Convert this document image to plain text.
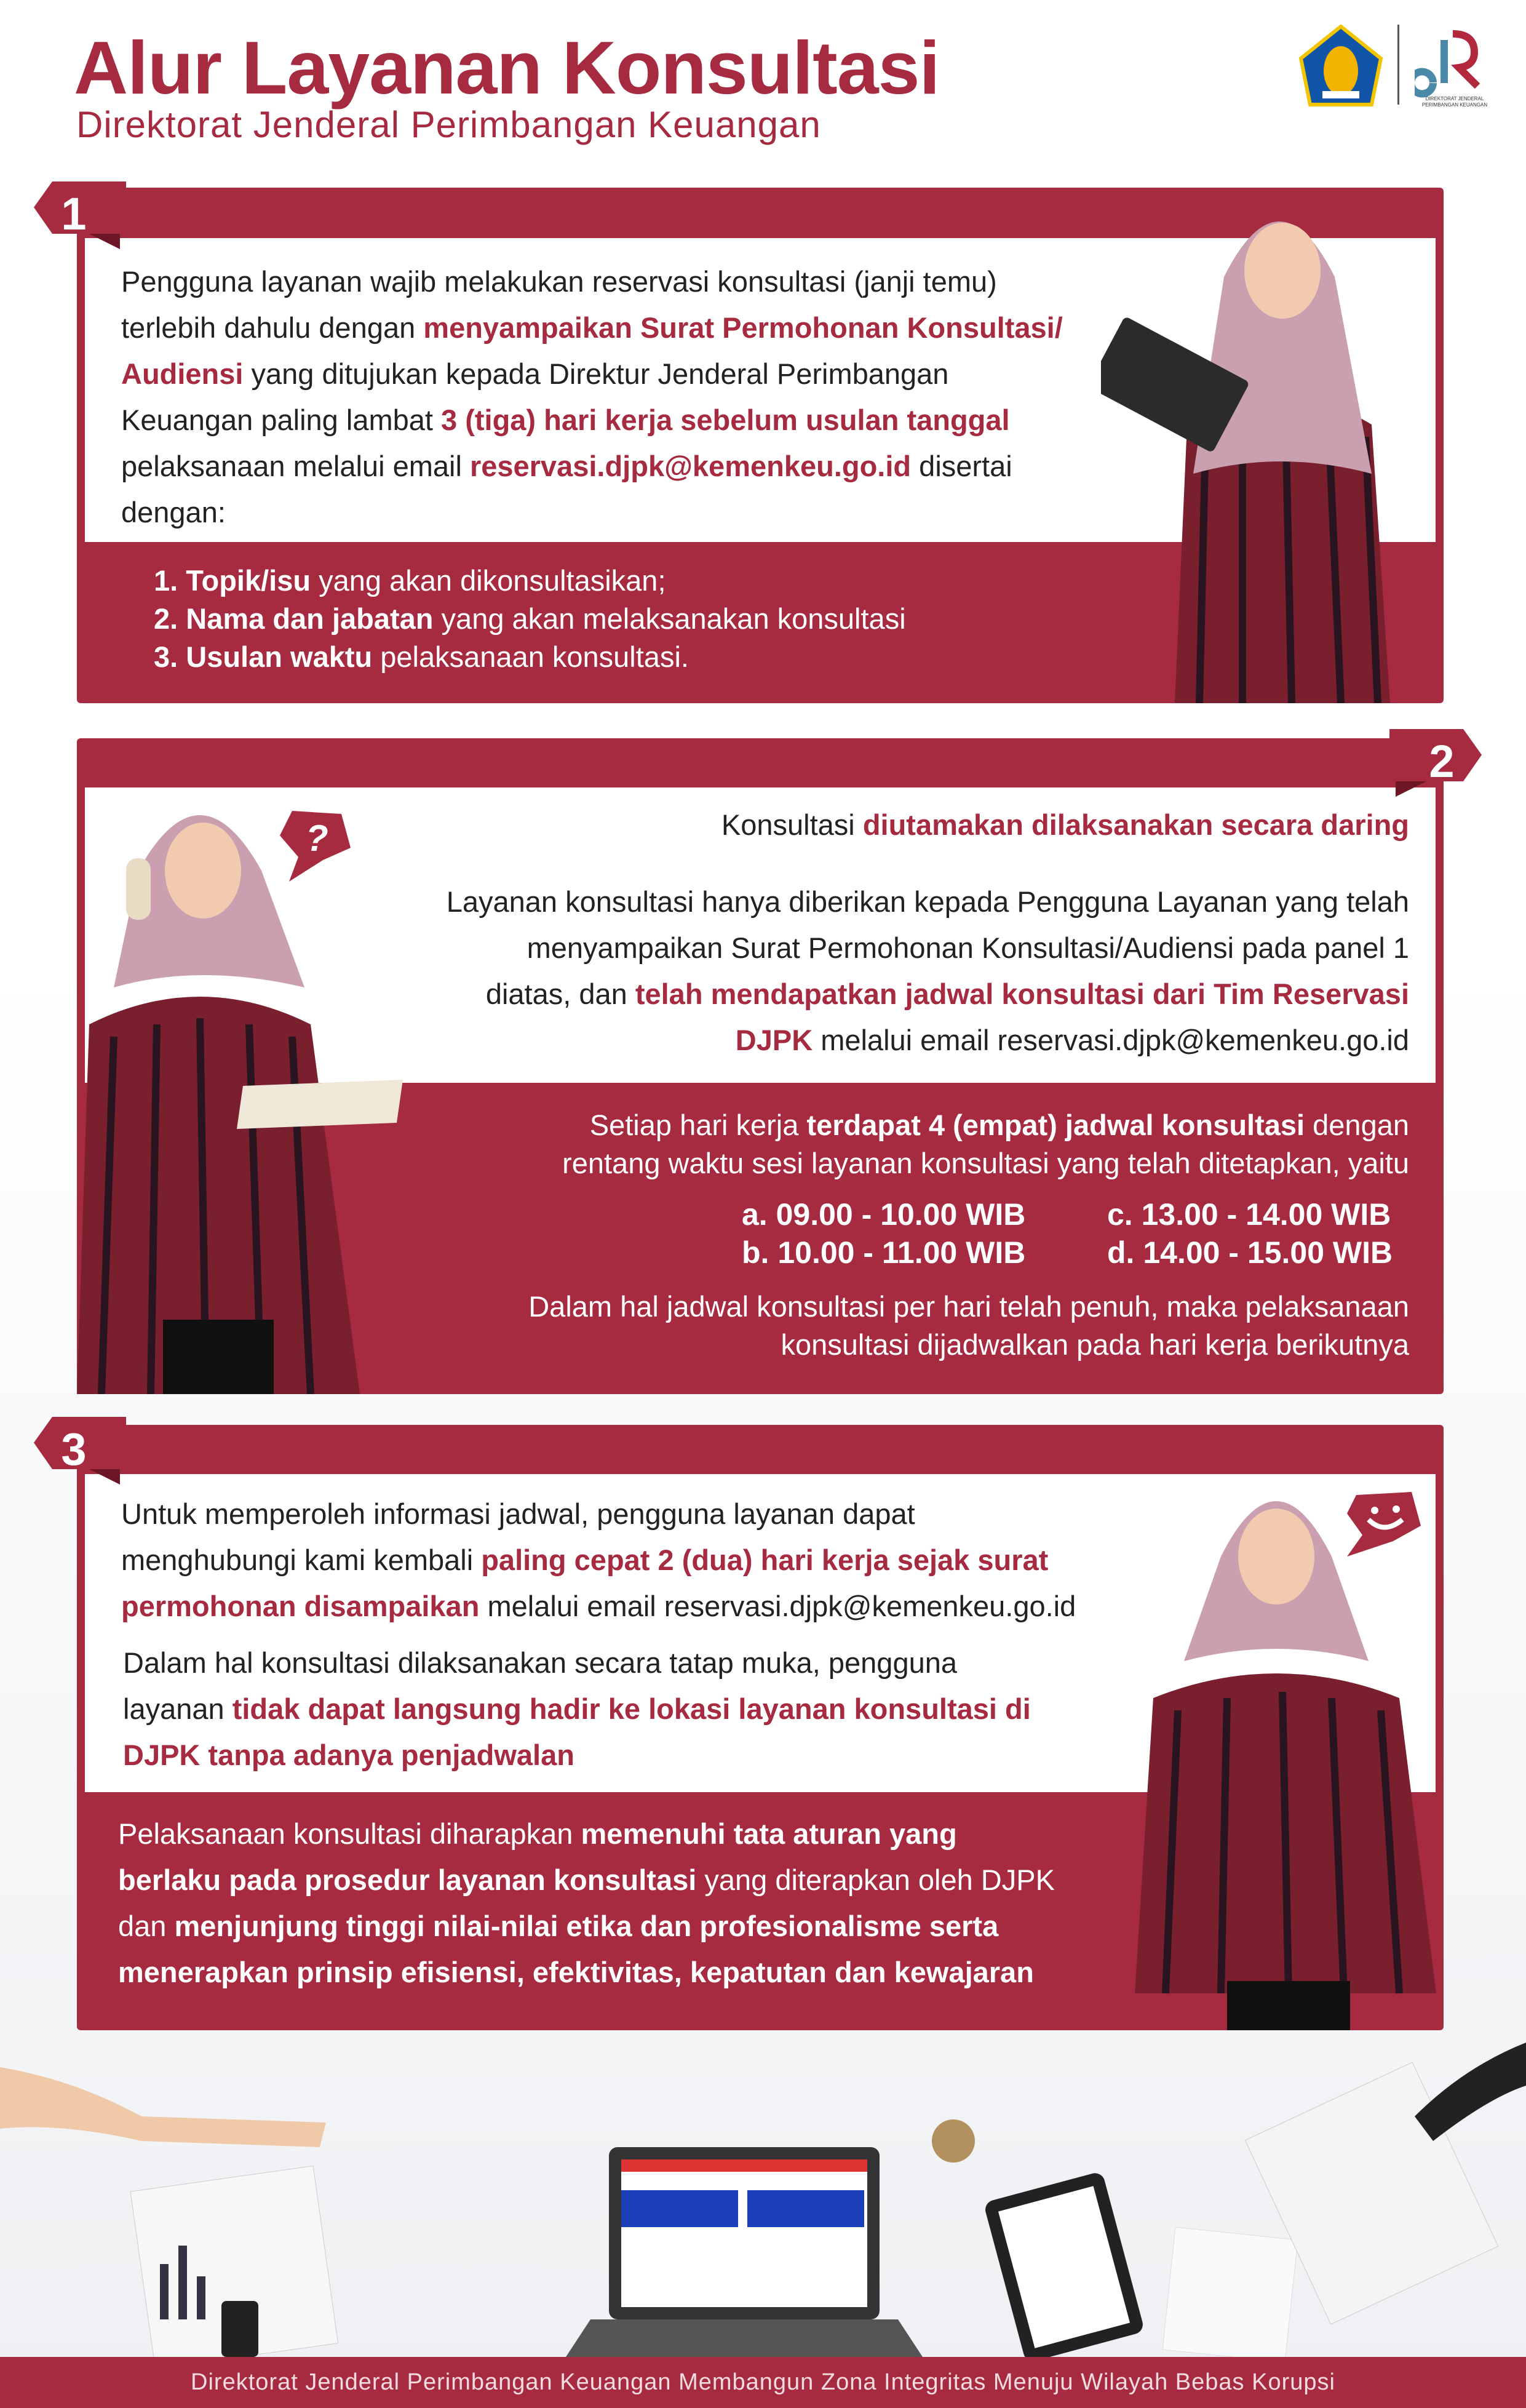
Alur Layanan Konsultasi
Direktorat Jenderal Perimbangan Keuangan
DIREKTORAT JENDERAL
PERIMBANGAN KEUANGAN
1
Pengguna layanan wajib melakukan reservasi konsultasi (janji temu)
terlebih dahulu dengan menyampaikan Surat Permohonan Konsultasi/
Audiensi yang ditujukan kepada Direktur Jenderal Perimbangan
Keuangan paling lambat 3 (tiga) hari kerja sebelum usulan tanggal
pelaksanaan melalui email reservasi.djpk@kemenkeu.go.id disertai
dengan:
1. Topik/isu yang akan dikonsultasikan;
2. Nama dan jabatan yang akan melaksanakan konsultasi
3. Usulan waktu pelaksanaan konsultasi.
2
?	Konsultasi diutamakan dilaksanakan secara daring
Layanan konsultasi hanya diberikan kepada Pengguna Layanan yang telah
menyampaikan Surat Permohonan Konsultasi/Audiensi pada panel 1
diatas, dan telah mendapatkan jadwal konsultasi dari Tim Reservasi
DJPK melalui email reservasi.djpk@kemenkeu.go.id
Setiap hari kerja terdapat 4 (empat) jadwal konsultasi dengan
rentang waktu sesi layanan konsultasi yang telah ditetapkan, yaitu
a. 09.00 - 10.00 WIB
b. 10.00 - 11.00 WIB
c. 13.00 - 14.00 WIB
d. 14.00 - 15.00 WIB
Dalam hal jadwal konsultasi per hari telah penuh, maka pelaksanaan
konsultasi dijadwalkan pada hari kerja berikutnya
3
Untuk memperoleh informasi jadwal, pengguna layanan dapat
menghubungi kami kembali paling cepat 2 (dua) hari kerja sejak surat
permohonan disampaikan melalui email reservasi.djpk@kemenkeu.go.id
Dalam hal konsultasi dilaksanakan secara tatap muka, pengguna
layanan tidak dapat langsung hadir ke lokasi layanan konsultasi di
DJPK tanpa adanya penjadwalan
Pelaksanaan konsultasi diharapkan memenuhi tata aturan yang
berlaku pada prosedur layanan konsultasi yang diterapkan oleh DJPK
dan menjunjung tinggi nilai-nilai etika dan profesionalisme serta
menerapkan prinsip efisiensi, efektivitas, kepatutan dan kewajaran
Direktorat Jenderal Perimbangan Keuangan Membangun Zona Integritas Menuju Wilayah Bebas Korupsi
